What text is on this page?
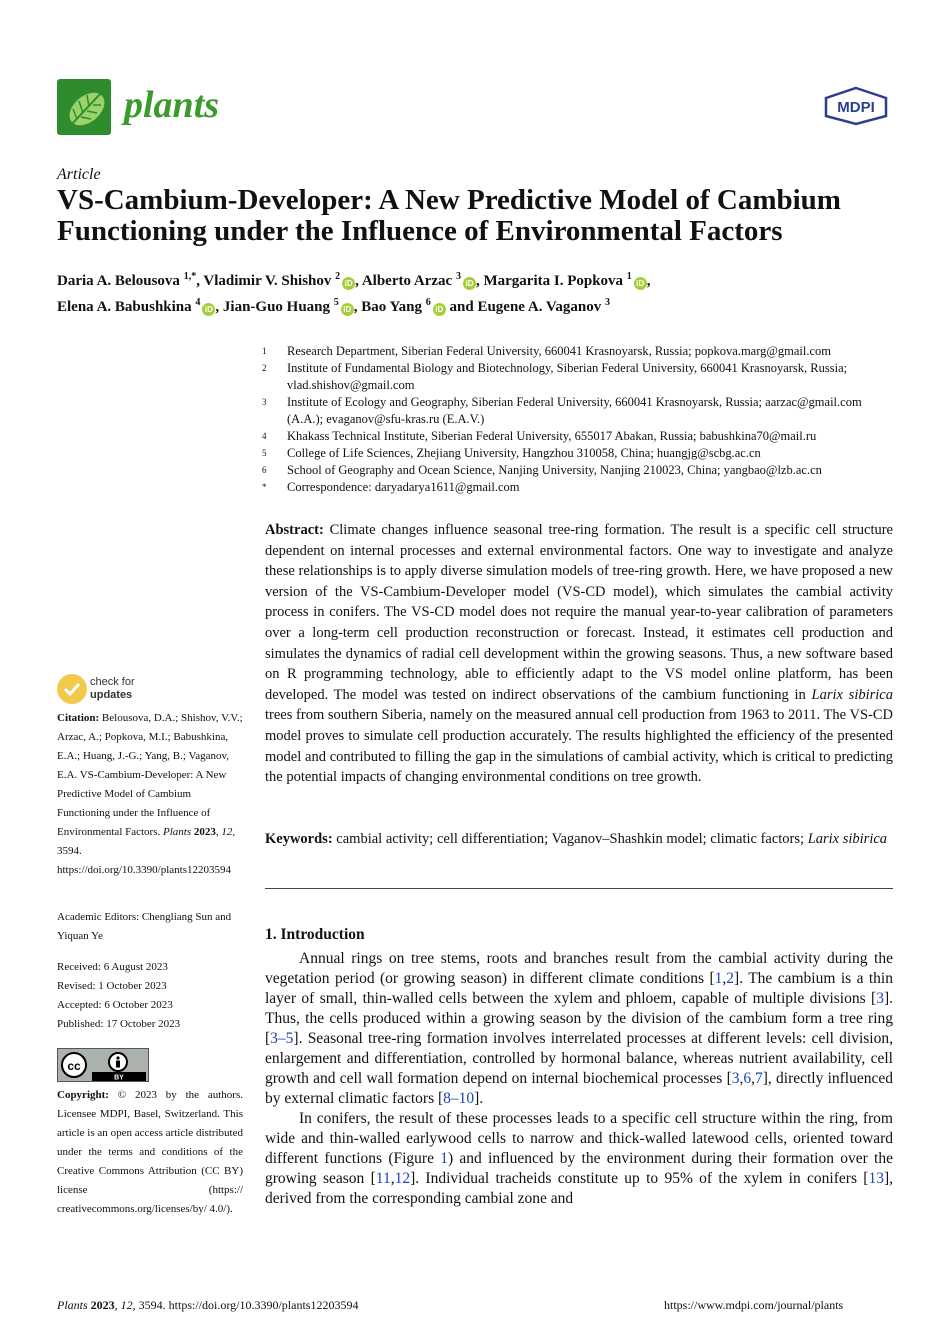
plants	MDPI
Article
VS-Cambium-Developer: A New Predictive Model of Cambium Functioning under the Influence of Environmental Factors
Daria A. Belousova $^{1,*}$, Vladimir V. Shishov $^2$iD , Alberto Arzac $^3$iD , Margarita I. Popkova $^1$iD ,
Elena A. Babushkina $^4$iD , Jian-Guo Huang $^5$iD , Bao Yang $^6$iD and Eugene A. Vaganov $^3$
1	Research Department, Siberian Federal University, 660041 Krasnoyarsk, Russia; popkova.marg@gmail.com
2	Institute of Fundamental Biology and Biotechnology, Siberian Federal University, 660041 Krasnoyarsk, Russia; vlad.shishov@gmail.com
3	Institute of Ecology and Geography, Siberian Federal University, 660041 Krasnoyarsk, Russia; aarzac@gmail.com (A.A.); evaganov@sfu-kras.ru (E.A.V.)
4	Khakass Technical Institute, Siberian Federal University, 655017 Abakan, Russia; babushkina70@mail.ru
5	College of Life Sciences, Zhejiang University, Hangzhou 310058, China; huangjg@scbg.ac.cn
6	School of Geography and Ocean Science, Nanjing University, Nanjing 210023, China; yangbao@lzb.ac.cn
*	Correspondence: daryadarya1611@gmail.com
Abstract: Climate changes influence seasonal tree-ring formation. The result is a specific cell structure dependent on internal processes and external environmental factors. One way to investigate and analyze these relationships is to apply diverse simulation models of tree-ring growth. Here, we have proposed a new version of the VS-Cambium-Developer model (VS-CD model), which simulates the cambial activity process in conifers. The VS-CD model does not require the manual year-to-year calibration of parameters over a long-term cell production reconstruction or forecast. Instead, it estimates cell production and simulates the dynamics of radial cell development within the growing seasons. Thus, a new software based on R programming technology, able to efficiently adapt to the VS model online platform, has been developed. The model was tested on indirect observations of the cambium functioning in Larix sibirica trees from southern Siberia, namely on the measured annual cell production from 1963 to 2011. The VS-CD model proves to simulate cell production accurately. The results highlighted the efficiency of the presented model and contributed to filling the gap in the simulations of cambial activity, which is critical to predicting the potential impacts of changing environmental conditions on tree growth.
Keywords: cambial activity; cell differentiation; Vaganov–Shashkin model; climatic factors; Larix sibirica
1. Introduction

Annual rings on tree stems, roots and branches result from the cambial activity during the vegetation period (or growing season) in different climate conditions [1,2]. The cambium is a thin layer of small, thin-walled cells between the xylem and phloem, capable of multiple divisions [3]. Thus, the cells produced within a growing season by the division of the cambium form a tree ring [3–5]. Seasonal tree-ring formation involves interrelated processes at different levels: cell division, enlargement and differentiation, controlled by hormonal balance, whereas nutrient availability, cell growth and cell wall formation depend on internal biochemical processes [3,6,7], directly influenced by external climatic factors [8–10].

In conifers, the result of these processes leads to a specific cell structure within the ring, from wide and thin-walled earlywood cells to narrow and thick-walled latewood cells, oriented toward different functions (Figure 1) and influenced by the environment during their formation over the growing season [11,12]. Individual tracheids constitute up to 95% of the xylem in conifers [13], derived from the corresponding cambial zone and

check for
updates
Citation: Belousova, D.A.; Shishov, V.V.; Arzac, A.; Popkova, M.I.; Babushkina, E.A.; Huang, J.-G.; Yang, B.; Vaganov, E.A. VS-Cambium-Developer: A New Predictive Model of Cambium Functioning under the Influence of Environmental Factors. Plants 2023, 12, 3594. https://doi.org/10.3390/plants12203594
Academic Editors: Chengliang Sun and Yiquan Ye
Received: 6 August 2023
Revised: 1 October 2023
Accepted: 6 October 2023
Published: 17 October 2023
cc
BY
Copyright: © 2023 by the authors. Licensee MDPI, Basel, Switzerland. This article is an open access article distributed under the terms and conditions of the Creative Commons Attribution (CC BY) license (https:// creativecommons.org/licenses/by/ 4.0/).
Plants 2023, 12, 3594. https://doi.org/10.3390/plants12203594	https://www.mdpi.com/journal/plants
